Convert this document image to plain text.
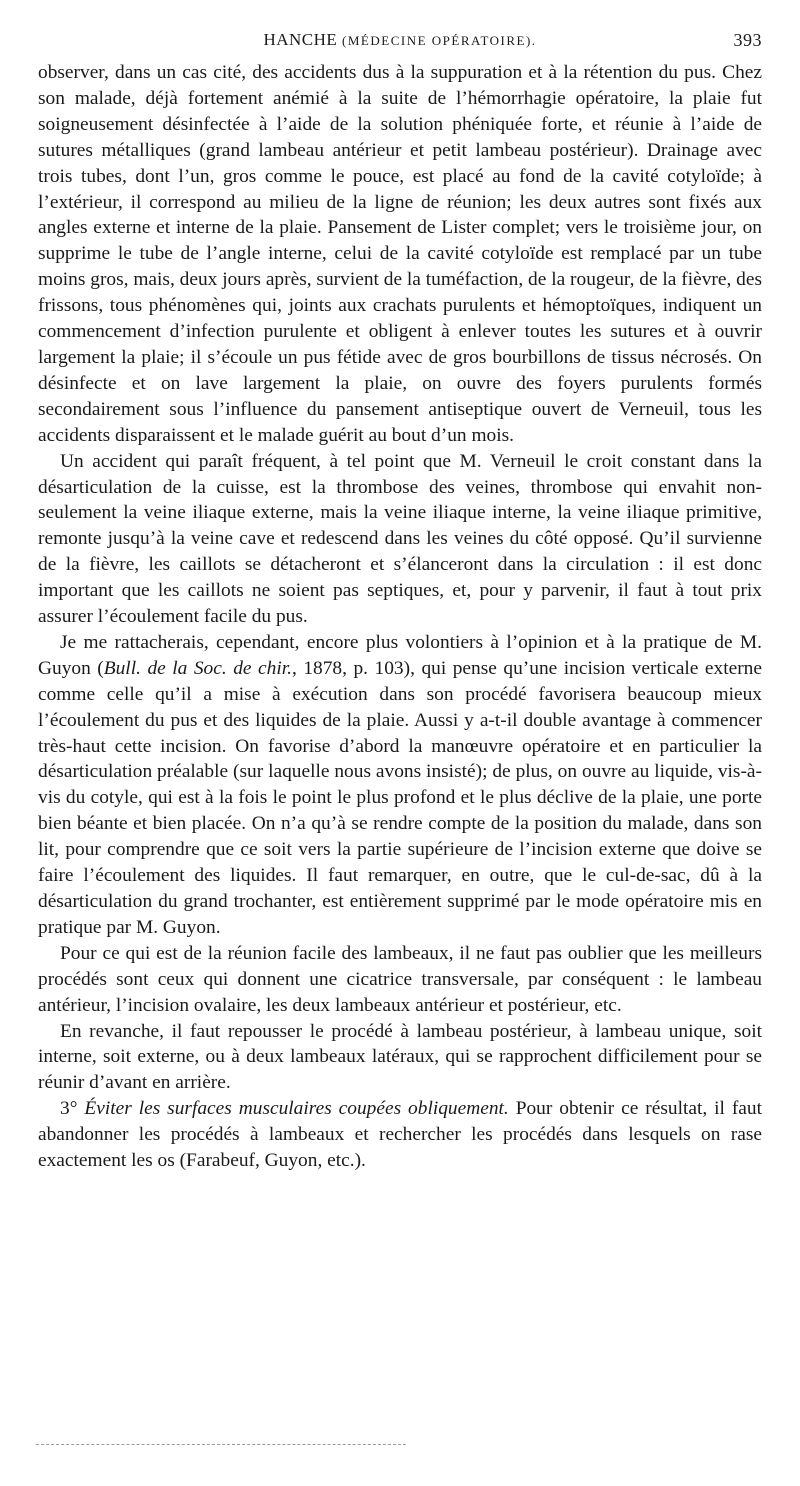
HANCHE (MÉDECINE OPÉRATOIRE).	393

observer, dans un cas cité, des accidents dus à la suppuration et à la rétention du pus. Chez son malade, déjà fortement anémié à la suite de l’hémorrhagie opératoire, la plaie fut soigneusement désinfectée à l’aide de la solution phéniquée forte, et réunie à l’aide de sutures métalliques (grand lambeau antérieur et petit lambeau postérieur). Drainage avec trois tubes, dont l’un, gros comme le pouce, est placé au fond de la cavité cotyloïde; à l’extérieur, il correspond au milieu de la ligne de réunion; les deux autres sont fixés aux angles externe et interne de la plaie. Pansement de Lister complet; vers le troisième jour, on supprime le tube de l’angle interne, celui de la cavité cotyloïde est remplacé par un tube moins gros, mais, deux jours après, survient de la tuméfaction, de la rougeur, de la fièvre, des frissons, tous phénomènes qui, joints aux crachats purulents et hémoptoïques, indiquent un commencement d’infection purulente et obligent à enlever toutes les sutures et à ouvrir largement la plaie; il s’écoule un pus fétide avec de gros bourbillons de tissus nécrosés. On désinfecte et on lave largement la plaie, on ouvre des foyers purulents formés secondairement sous l’influence du pansement antiseptique ouvert de Verneuil, tous les accidents disparaissent et le malade guérit au bout d’un mois.

Un accident qui paraît fréquent, à tel point que M. Verneuil le croit constant dans la désarticulation de la cuisse, est la thrombose des veines, thrombose qui envahit non-seulement la veine iliaque externe, mais la veine iliaque interne, la veine iliaque primitive, remonte jusqu’à la veine cave et redescend dans les veines du côté opposé. Qu’il survienne de la fièvre, les caillots se détacheront et s’élanceront dans la circulation : il est donc important que les caillots ne soient pas septiques, et, pour y parvenir, il faut à tout prix assurer l’écoulement facile du pus.

Je me rattacherais, cependant, encore plus volontiers à l’opinion et à la pratique de M. Guyon (Bull. de la Soc. de chir., 1878, p. 103), qui pense qu’une incision verticale externe comme celle qu’il a mise à exécution dans son procédé favorisera beaucoup mieux l’écoulement du pus et des liquides de la plaie. Aussi y a-t-il double avantage à commencer très-haut cette incision. On favorise d’abord la manœuvre opératoire et en particulier la désarticulation préalable (sur laquelle nous avons insisté); de plus, on ouvre au liquide, vis-à-vis du cotyle, qui est à la fois le point le plus profond et le plus déclive de la plaie, une porte bien béante et bien placée. On n’a qu’à se rendre compte de la position du malade, dans son lit, pour comprendre que ce soit vers la partie supérieure de l’incision externe que doive se faire l’écoulement des liquides. Il faut remarquer, en outre, que le cul-de-sac, dû à la désarticulation du grand trochanter, est entièrement supprimé par le mode opératoire mis en pratique par M. Guyon.

Pour ce qui est de la réunion facile des lambeaux, il ne faut pas oublier que les meilleurs procédés sont ceux qui donnent une cicatrice transversale, par conséquent : le lambeau antérieur, l’incision ovalaire, les deux lambeaux antérieur et postérieur, etc.

En revanche, il faut repousser le procédé à lambeau postérieur, à lambeau unique, soit interne, soit externe, ou à deux lambeaux latéraux, qui se rapprochent difficilement pour se réunir d’avant en arrière.

3° Éviter les surfaces musculaires coupées obliquement. Pour obtenir ce résultat, il faut abandonner les procédés à lambeaux et rechercher les procédés dans lesquels on rase exactement les os (Farabeuf, Guyon, etc.).
